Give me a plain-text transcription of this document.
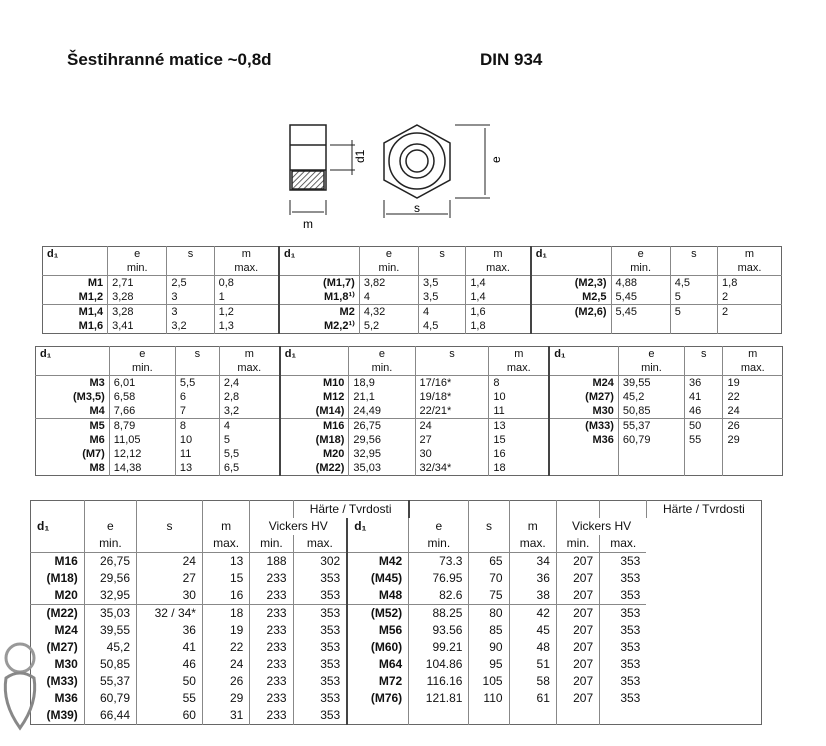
Šestihranné matice ~0,8d	DIN 934
m
s
d1	e
d₁	e	s	m	d₁	e	s	m	d₁	e	s	m
	min.		max.		min.		max.		min.		max.
M1	2,71	2,5	0,8	(M1,7)	3,82	3,5	1,4	(M2,3)	4,88	4,5	1,8
M1,2	3,28	3	1	M1,8¹⁾	4	3,5	1,4	M2,5	5,45	5	2
M1,4	3,28	3	1,2	M2	4,32	4	1,6	(M2,6)	5,45	5	2
M1,6	3,41	3,2	1,3	M2,2¹⁾	5,2	4,5	1,8				
d₁	e	s	m	d₁	e	s	m	d₁	e	s	m
	min.		max.		min.		max.		min.		max.
M3	6,01	5,5	2,4	M10	18,9	17/16*	8	M24	39,55	36	19
(M3,5)	6,58	6	2,8	M12	21,1	19/18*	10	(M27)	45,2	41	22
M4	7,66	7	3,2	(M14)	24,49	22/21*	11	M30	50,85	46	24
M5	8,79	8	4	M16	26,75	24	13	(M33)	55,37	50	26
M6	11,05	10	5	(M18)	29,56	27	15	M36	60,79	55	29
(M7)	12,12	11	5,5	M20	32,95	30	16				
M8	14,38	13	6,5	(M22)	35,03	32/34*	18				
					Härte / Tvrdosti							Härte / Tvrdosti
d₁	e	s	m	Vickers HV		d₁	e	s	m	Vickers HV		
	min.		max.	min.	max.		min.		max.	min.	max.	
M16	26,75	24	13	188	302	M42	73.3	65	34	207	353	
(M18)	29,56	27	15	233	353	(M45)	76.95	70	36	207	353	
M20	32,95	30	16	233	353	M48	82.6	75	38	207	353	
(M22)	35,03	32 / 34*	18	233	353	(M52)	88.25	80	42	207	353	
M24	39,55	36	19	233	353	M56	93.56	85	45	207	353	
(M27)	45,2	41	22	233	353	(M60)	99.21	90	48	207	353	
M30	50,85	46	24	233	353	M64	104.86	95	51	207	353	
(M33)	55,37	50	26	233	353	M72	116.16	105	58	207	353	
M36	60,79	55	29	233	353	(M76)	121.81	110	61	207	353	
(M39)	66,44	60	31	233	353							
